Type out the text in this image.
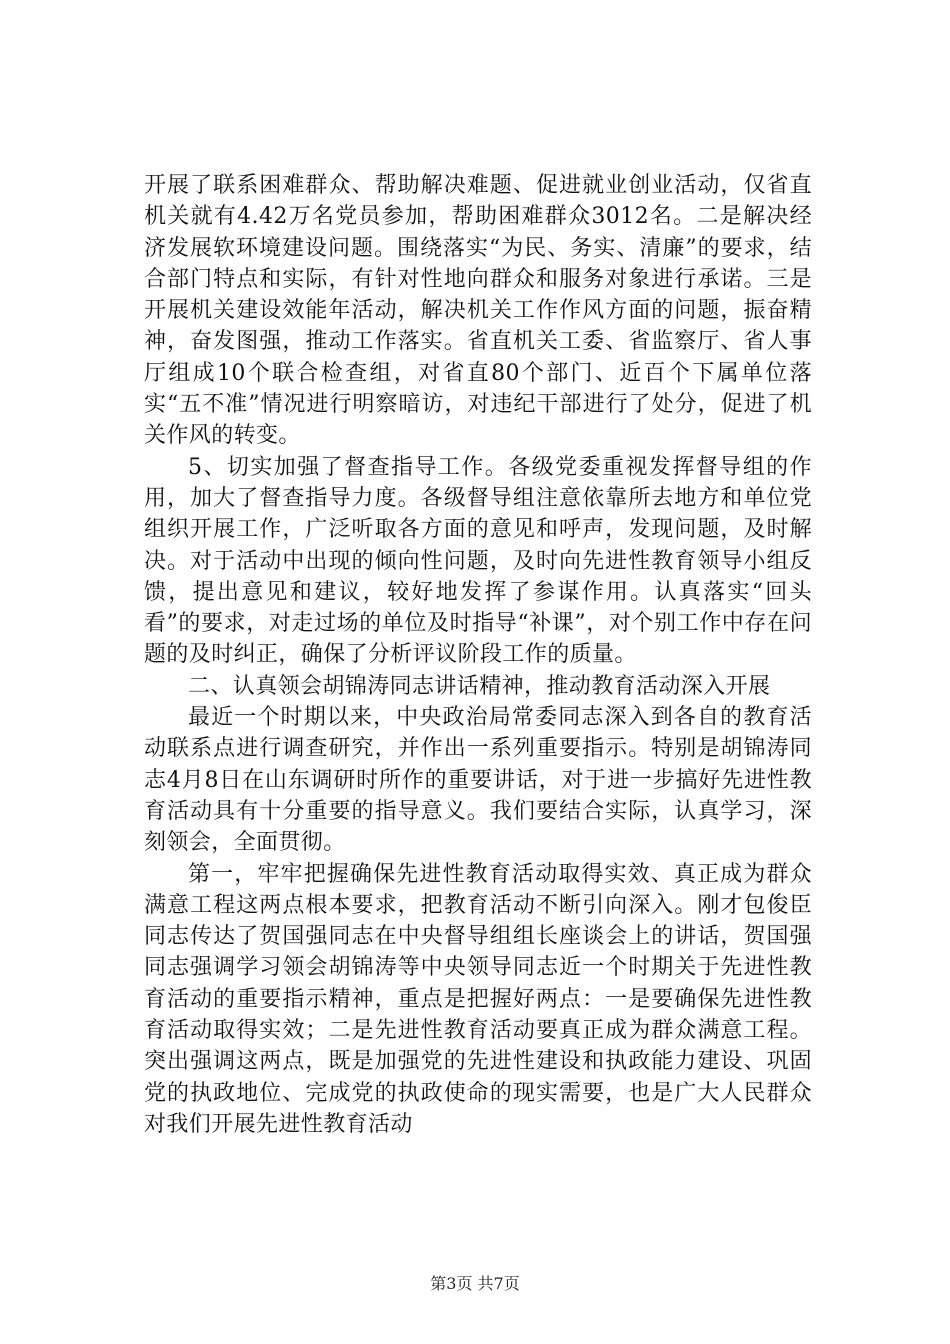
开展了联系困难群众、帮助解决难题、促进就业创业活动，仅省直机关就有4.42万名党员参加，帮助困难群众3012名。二是解决经济发展软环境建设问题。围绕落实“为民、务实、清廉”的要求，结合部门特点和实际，有针对性地向群众和服务对象进行承诺。三是开展机关建设效能年活动，解决机关工作作风方面的问题，振奋精神，奋发图强，推动工作落实。省直机关工委、省监察厅、省人事厅组成10个联合检查组，对省直80个部门、近百个下属单位落实“五不准”情况进行明察暗访，对违纪干部进行了处分，促进了机关作风的转变。

5、切实加强了督查指导工作。各级党委重视发挥督导组的作用，加大了督查指导力度。各级督导组注意依靠所去地方和单位党组织开展工作，广泛听取各方面的意见和呼声，发现问题，及时解决。对于活动中出现的倾向性问题，及时向先进性教育领导小组反馈，提出意见和建议，较好地发挥了参谋作用。认真落实“回头看”的要求，对走过场的单位及时指导“补课”，对个别工作中存在问题的及时纠正，确保了分析评议阶段工作的质量。

二、认真领会胡锦涛同志讲话精神，推动教育活动深入开展

最近一个时期以来，中央政治局常委同志深入到各自的教育活动联系点进行调查研究，并作出一系列重要指示。特别是胡锦涛同志4月8日在山东调研时所作的重要讲话，对于进一步搞好先进性教育活动具有十分重要的指导意义。我们要结合实际，认真学习，深刻领会，全面贯彻。

第一，牢牢把握确保先进性教育活动取得实效、真正成为群众满意工程这两点根本要求，把教育活动不断引向深入。刚才包俊臣同志传达了贺国强同志在中央督导组组长座谈会上的讲话，贺国强同志强调学习领会胡锦涛等中央领导同志近一个时期关于先进性教育活动的重要指示精神，重点是把握好两点：一是要确保先进性教育活动取得实效；二是先进性教育活动要真正成为群众满意工程。突出强调这两点，既是加强党的先进性建设和执政能力建设、巩固党的执政地位、完成党的执政使命的现实需要，也是广大人民群众对我们开展先进性教育活动

第3页 共7页
